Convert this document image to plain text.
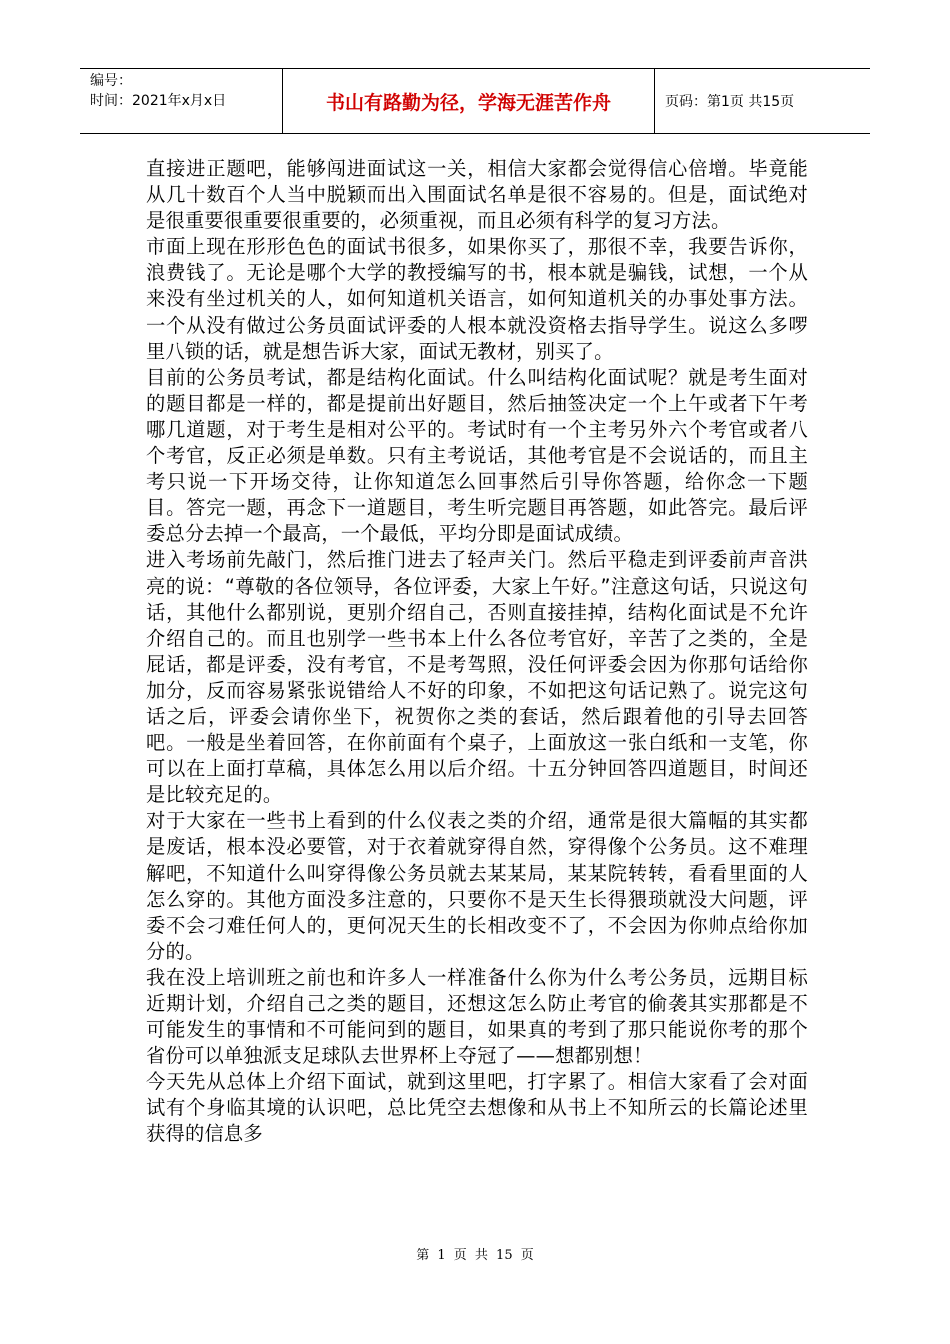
编号：
时间：2021年x月x日	书山有路勤为径，学海无涯苦作舟	页码：第1页 共15页

直接进正题吧，能够闯进面试这一关，相信大家都会觉得信心倍增。毕竟能从几十数百个人当中脱颖而出入围面试名单是很不容易的。但是，面试绝对是很重要很重要很重要的，必须重视，而且必须有科学的复习方法。

市面上现在形形色色的面试书很多，如果你买了，那很不幸，我要告诉你，浪费钱了。无论是哪个大学的教授编写的书，根本就是骗钱，试想，一个从来没有坐过机关的人，如何知道机关语言，如何知道机关的办事处事方法。一个从没有做过公务员面试评委的人根本就没资格去指导学生。说这么多啰里八锁的话，就是想告诉大家，面试无教材，别买了。

目前的公务员考试，都是结构化面试。什么叫结构化面试呢？就是考生面对的题目都是一样的，都是提前出好题目，然后抽签决定一个上午或者下午考哪几道题，对于考生是相对公平的。考试时有一个主考另外六个考官或者八个考官，反正必须是单数。只有主考说话，其他考官是不会说话的，而且主考只说一下开场交待，让你知道怎么回事然后引导你答题，给你念一下题目。答完一题，再念下一道题目，考生听完题目再答题，如此答完。最后评委总分去掉一个最高，一个最低，平均分即是面试成绩。

进入考场前先敲门，然后推门进去了轻声关门。然后平稳走到评委前声音洪亮的说：“尊敬的各位领导，各位评委，大家上午好。”注意这句话，只说这句话，其他什么都别说，更别介绍自己，否则直接挂掉，结构化面试是不允许介绍自己的。而且也别学一些书本上什么各位考官好，辛苦了之类的，全是屁话，都是评委，没有考官，不是考驾照，没任何评委会因为你那句话给你加分，反而容易紧张说错给人不好的印象，不如把这句话记熟了。说完这句话之后，评委会请你坐下，祝贺你之类的套话，然后跟着他的引导去回答吧。一般是坐着回答，在你前面有个桌子，上面放这一张白纸和一支笔，你可以在上面打草稿，具体怎么用以后介绍。十五分钟回答四道题目，时间还是比较充足的。

对于大家在一些书上看到的什么仪表之类的介绍，通常是很大篇幅的其实都是废话，根本没必要管，对于衣着就穿得自然，穿得像个公务员。这不难理解吧，不知道什么叫穿得像公务员就去某某局，某某院转转，看看里面的人怎么穿的。其他方面没多注意的，只要你不是天生长得猥琐就没大问题，评委不会刁难任何人的，更何况天生的长相改变不了，不会因为你帅点给你加分的。

我在没上培训班之前也和许多人一样准备什么你为什么考公务员，远期目标近期计划，介绍自己之类的题目，还想这怎么防止考官的偷袭其实那都是不可能发生的事情和不可能问到的题目，如果真的考到了那只能说你考的那个省份可以单独派支足球队去世界杯上夺冠了——想都别想！

今天先从总体上介绍下面试，就到这里吧，打字累了。相信大家看了会对面试有个身临其境的认识吧，总比凭空去想像和从书上不知所云的长篇论述里获得的信息多

第 1 页 共 15 页
